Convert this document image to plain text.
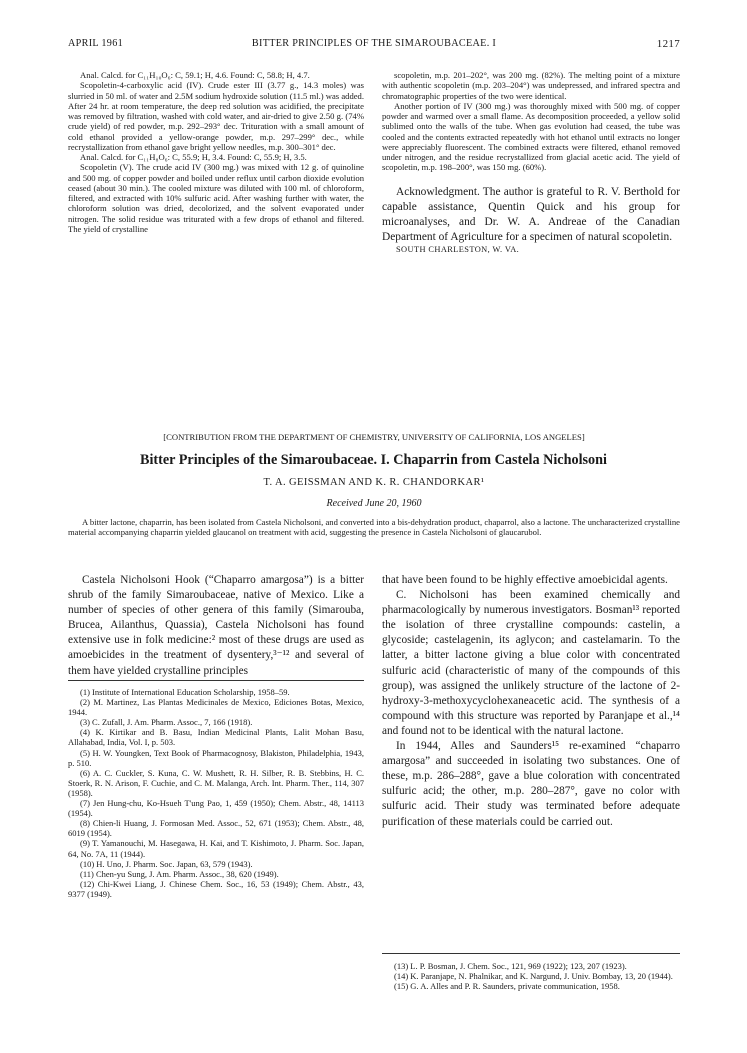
APRIL 1961	BITTER PRINCIPLES OF THE SIMAROUBACEAE. I	1217

Anal. Calcd. for C₁₁H₁₀O₆: C, 59.1; H, 4.6. Found: C, 58.8; H, 4.7.

Scopoletin-4-carboxylic acid (IV). Crude ester III (3.77 g., 14.3 moles) was slurried in 50 ml. of water and 2.5M sodium hydroxide solution (11.5 ml.) was added. After 24 hr. at room temperature, the deep red solution was acidified, the precipitate was removed by filtration, washed with cold water, and air-dried to give 2.50 g. (74% crude yield) of red powder, m.p. 292–293° dec. Trituration with a small amount of cold ethanol provided a yellow-orange powder, m.p. 297–299° dec., while recrystallization from ethanol gave bright yellow needles, m.p. 300–301° dec.

Anal. Calcd. for C₁₁H₈O₆: C, 55.9; H, 3.4. Found: C, 55.9; H, 3.5.

Scopoletin (V). The crude acid IV (300 mg.) was mixed with 12 g. of quinoline and 500 mg. of copper powder and boiled under reflux until carbon dioxide evolution ceased (about 30 min.). The cooled mixture was diluted with 100 ml. of chloroform, filtered, and extracted with 10% sulfuric acid. After washing further with water, the chloroform solution was dried, decolorized, and the solvent evaporated under nitrogen. The solid residue was triturated with a few drops of ethanol and filtered. The yield of crystalline

scopoletin, m.p. 201–202°, was 200 mg. (82%). The melting point of a mixture with authentic scopoletin (m.p. 203–204°) was undepressed, and infrared spectra and chromatographic properties of the two were identical.

Another portion of IV (300 mg.) was thoroughly mixed with 500 mg. of copper powder and warmed over a small flame. As decomposition proceeded, a yellow solid sublimed onto the walls of the tube. When gas evolution had ceased, the tube was cooled and the contents extracted repeatedly with hot ethanol until extracts no longer were appreciably fluorescent. The combined extracts were filtered, ethanol removed under nitrogen, and the residue recrystallized from glacial acetic acid. The yield of scopoletin, m.p. 198–200°, was 150 mg. (60%).

Acknowledgment. The author is grateful to R. V. Berthold for capable assistance, Quentin Quick and his group for microanalyses, and Dr. W. A. Andreae of the Canadian Department of Agriculture for a specimen of natural scopoletin.

SOUTH CHARLESTON, W. VA.

[CONTRIBUTION FROM THE DEPARTMENT OF CHEMISTRY, UNIVERSITY OF CALIFORNIA, LOS ANGELES]
Bitter Principles of the Simaroubaceae. I. Chaparrin from Castela Nicholsoni
T. A. GEISSMAN AND K. R. CHANDORKAR¹
Received June 20, 1960
A bitter lactone, chaparrin, has been isolated from Castela Nicholsoni, and converted into a bis-dehydration product, chaparrol, also a lactone. The uncharacterized crystalline material accompanying chaparrin yielded glaucanol on treatment with acid, suggesting the presence in Castela Nicholsoni of glaucarubol.

Castela Nicholsoni Hook (“Chaparro amargosa”) is a bitter shrub of the family Simaroubaceae, native of Mexico. Like a number of species of other genera of this family (Simarouba, Brucea, Ailanthus, Quassia), Castela Nicholsoni has found extensive use in folk medicine:² most of these drugs are used as amoebicides in the treatment of dysentery,³⁻¹² and several of them have yielded crystalline principles

(1) Institute of International Education Scholarship, 1958–59.

(2) M. Martinez, Las Plantas Medicinales de Mexico, Ediciones Botas, Mexico, 1944.

(3) C. Zufall, J. Am. Pharm. Assoc., 7, 166 (1918).

(4) K. Kirtikar and B. Basu, Indian Medicinal Plants, Lalit Mohan Basu, Allahabad, India, Vol. I, p. 503.

(5) H. W. Youngken, Text Book of Pharmacognosy, Blakiston, Philadelphia, 1943, p. 510.

(6) A. C. Cuckler, S. Kuna, C. W. Mushett, R. H. Silber, R. B. Stebbins, H. C. Stoerk, R. N. Arison, F. Cuchie, and C. M. Malanga, Arch. Int. Pharm. Ther., 114, 307 (1958).

(7) Jen Hung-chu, Ko-Hsueh T'ung Pao, 1, 459 (1950); Chem. Abstr., 48, 14113 (1954).

(8) Chien-li Huang, J. Formosan Med. Assoc., 52, 671 (1953); Chem. Abstr., 48, 6019 (1954).

(9) T. Yamanouchi, M. Hasegawa, H. Kai, and T. Kishimoto, J. Pharm. Soc. Japan, 64, No. 7A, 11 (1944).

(10) H. Uno, J. Pharm. Soc. Japan, 63, 579 (1943).

(11) Chen-yu Sung, J. Am. Pharm. Assoc., 38, 620 (1949).

(12) Chi-Kwei Liang, J. Chinese Chem. Soc., 16, 53 (1949); Chem. Abstr., 43, 9377 (1949).

that have been found to be highly effective amoebicidal agents.

C. Nicholsoni has been examined chemically and pharmacologically by numerous investigators. Bosman¹³ reported the isolation of three crystalline compounds: castelin, a glycoside; castelagenin, its aglycon; and castelamarin. To the latter, a bitter lactone giving a blue color with concentrated sulfuric acid (characteristic of many of the compounds of this group), was assigned the unlikely structure of the lactone of 2-hydroxy-3-methoxycyclohexaneacetic acid. The synthesis of a compound with this structure was reported by Paranjape et al.,¹⁴ and found not to be identical with the natural lactone.

In 1944, Alles and Saunders¹⁵ re-examined “chaparro amargosa” and succeeded in isolating two substances. One of these, m.p. 286–288°, gave a blue coloration with concentrated sulfuric acid; the other, m.p. 280–287°, gave no color with sulfuric acid. Their study was terminated before adequate purification of these materials could be carried out.

(13) L. P. Bosman, J. Chem. Soc., 121, 969 (1922); 123, 207 (1923).

(14) K. Paranjape, N. Phalnikar, and K. Nargund, J. Univ. Bombay, 13, 20 (1944).

(15) G. A. Alles and P. R. Saunders, private communication, 1958.
